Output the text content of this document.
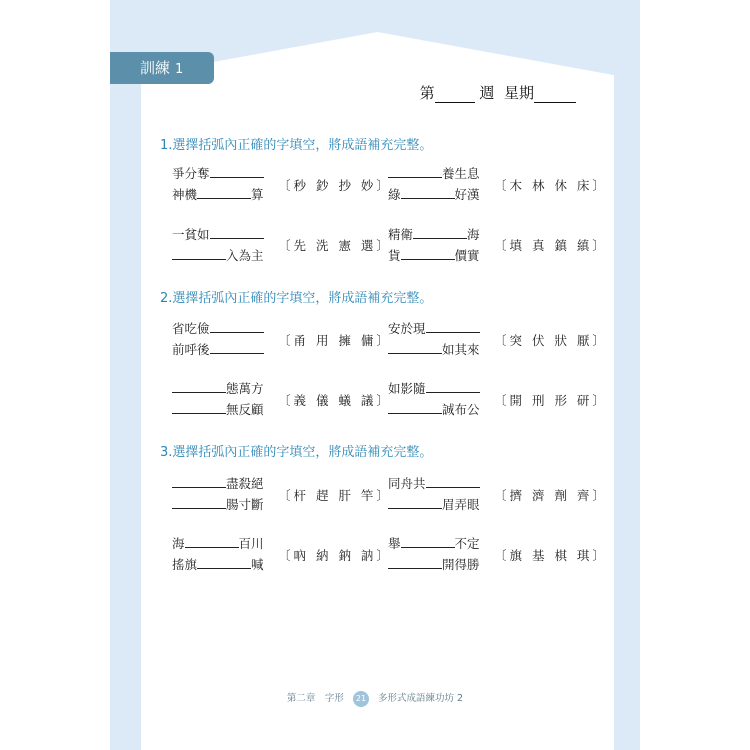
訓練 1
第	週 星期
1.選擇括弧內正確的字填空，將成語補充完整。
2.選擇括弧內正確的字填空，將成語補充完整。
3.選擇括弧內正確的字填空，將成語補充完整。
爭分奪
神機	算
〔秒 鈔 抄 妙〕
養生息
綠	好漢
〔木 林 休 床〕
一貧如
入為主
〔先 洗 憲 選〕
精衛	海
貨	價實
〔填 真 鎮 縝〕
省吃儉
前呼後
〔甬 用 擁 傭〕
安於現
如其來
〔突 伏 狀 厭〕
態萬方
無反顧
〔義 儀 蟻 議〕
如影隨
誠布公
〔開 刑 形 研〕
盡殺絕
腸寸斷
〔杆 趕 肝 竿〕
同舟共
眉弄眼
〔擠 濟 劑 齊〕
海	百川
搖旗	喊
〔吶 納 鈉 訥〕
舉	不定
開得勝
〔旗 基 棋 琪〕
第二章　字形 21 多形式成語練功坊 2
